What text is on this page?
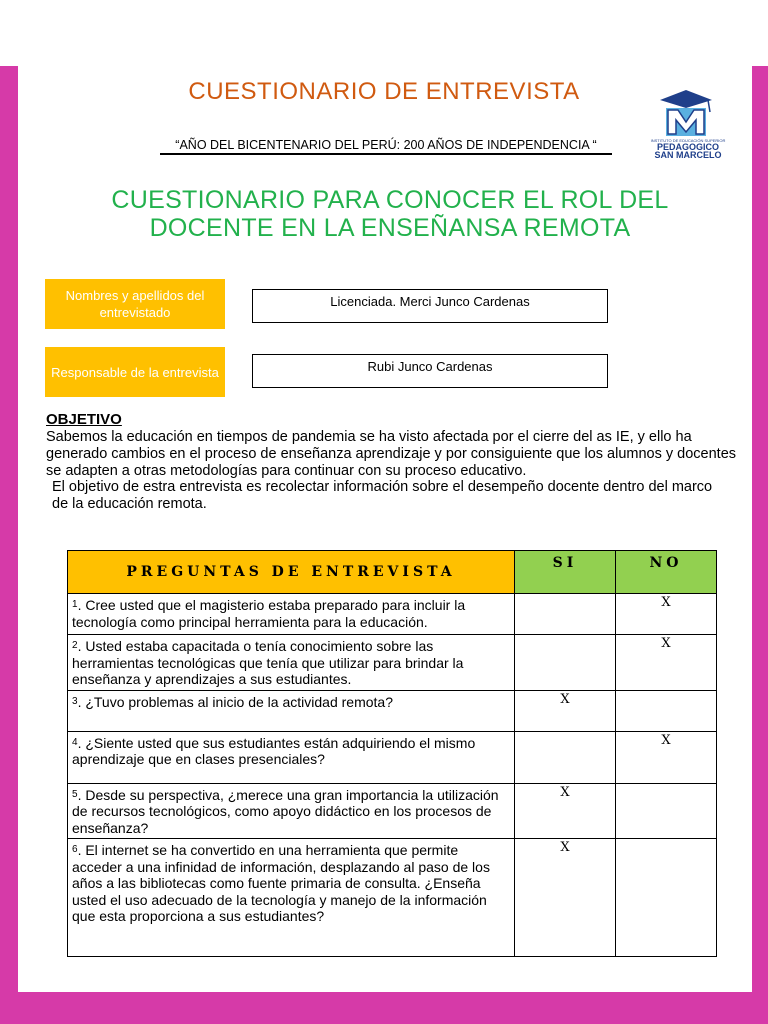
CUESTIONARIO DE ENTREVISTA
“AÑO DEL BICENTENARIO DEL PERÚ: 200 AÑOS DE INDEPENDENCIA “	INSTITUTO DE EDUCACIÓN SUPERIOR
PEDAGOGICO
SAN MARCELO
CUESTIONARIO PARA CONOCER EL ROL DEL DOCENTE EN LA ENSEÑANSA REMOTA
Nombres y apellidos del entrevistado
Licenciada. Merci Junco Cardenas
Responsable de la entrevista	Rubi Junco Cardenas
OBJETIVO
Sabemos la educación en tiempos de pandemia se ha visto afectada por el cierre del as IE, y ello ha generado cambios en el proceso de enseñanza aprendizaje y por consiguiente que los alumnos y docentes se adapten a otras metodologías para continuar con su proceso educativo.
El objetivo de estra entrevista es recolectar información sobre el desempeño docente dentro del marco de la educación remota.
PREGUNTAS DE ENTREVISTA	SI	NO
$^1$. Cree usted que el magisterio estaba preparado para incluir la tecnología como principal herramienta para la educación.		X
$^2$. Usted estaba capacitada o tenía conocimiento sobre las herramientas tecnológicas que tenía que utilizar para brindar la enseñanza y aprendizajes a sus estudiantes.		X
$^3$. ¿Tuvo problemas al inicio de la actividad remota?	X	
$^4$. ¿Siente usted que sus estudiantes están adquiriendo el mismo aprendizaje que en clases presenciales?		X
$^5$. Desde su perspectiva, ¿merece una gran importancia la utilización de recursos tecnológicos, como apoyo didáctico en los procesos de enseñanza?	X	
$^6$. El internet se ha convertido en una herramienta que permite acceder a una infinidad de información, desplazando al paso de los años a las bibliotecas como fuente primaria de consulta. ¿Enseña usted el uso adecuado de la tecnología y manejo de la información que esta proporciona a sus estudiantes?	X	
